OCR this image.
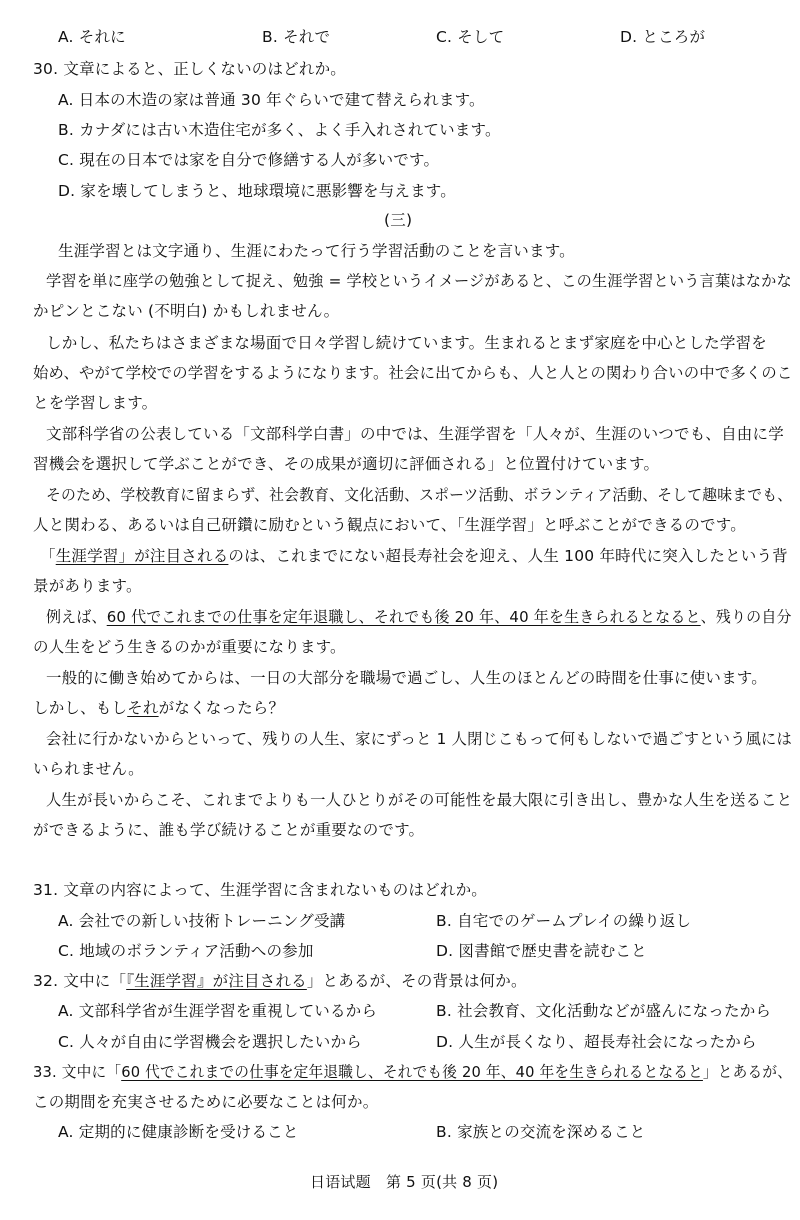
A. それに	B. それで	C. そして	D. ところが
30. 文章によると、正しくないのはどれか。
A. 日本の木造の家は普通 30 年ぐらいで建て替えられます。
B. カナダには古い木造住宅が多く、よく手入れされています。
C. 現在の日本では家を自分で修繕する人が多いです。
D. 家を壊してしまうと、地球環境に悪影響を与えます。
(三)
生涯学習とは文字通り、生涯にわたって行う学習活動のことを言います。
学習を単に座学の勉強として捉え、勉強 = 学校というイメージがあると、この生涯学習という言葉はなかな
かピンとこない (不明白) かもしれません。
しかし、私たちはさまざまな場面で日々学習し続けています。生まれるとまず家庭を中心とした学習を
始め、やがて学校での学習をするようになります。社会に出てからも、人と人との関わり合いの中で多くのこ
とを学習します。
文部科学省の公表している「文部科学白書」の中では、生涯学習を「人々が、生涯のいつでも、自由に学
習機会を選択して学ぶことができ、その成果が適切に評価される」と位置付けています。
そのため、学校教育に留まらず、社会教育、文化活動、スポーツ活動、ボランティア活動、そして趣味までも、
人と関わる、あるいは自己研鑽に励むという観点において、「生涯学習」と呼ぶことができるのです。
「生涯学習」が注目されるのは、これまでにない超長寿社会を迎え、人生 100 年時代に突入したという背
景があります。
例えば、60 代でこれまでの仕事を定年退職し、それでも後 20 年、40 年を生きられるとなると、残りの自分
の人生をどう生きるのかが重要になります。
一般的に働き始めてからは、一日の大部分を職場で過ごし、人生のほとんどの時間を仕事に使います。
しかし、もしそれがなくなったら？
会社に行かないからといって、残りの人生、家にずっと 1 人閉じこもって何もしないで過ごすという風には
いられません。
人生が長いからこそ、これまでよりも一人ひとりがその可能性を最大限に引き出し、豊かな人生を送ること
ができるように、誰も学び続けることが重要なのです。
31. 文章の内容によって、生涯学習に含まれないものはどれか。
A. 会社での新しい技術トレーニング受講	B. 自宅でのゲームプレイの繰り返し
C. 地域のボランティア活動への参加	D. 図書館で歴史書を読むこと
32. 文中に「『生涯学習』が注目される」とあるが、その背景は何か。
A. 文部科学省が生涯学習を重視しているから	B. 社会教育、文化活動などが盛んになったから
C. 人々が自由に学習機会を選択したいから	D. 人生が長くなり、超長寿社会になったから
33. 文中に「60 代でこれまでの仕事を定年退職し、それでも後 20 年、40 年を生きられるとなると」とあるが、
この期間を充実させるために必要なことは何か。
A. 定期的に健康診断を受けること	B. 家族との交流を深めること
日语试题　第 5 页(共 8 页)
